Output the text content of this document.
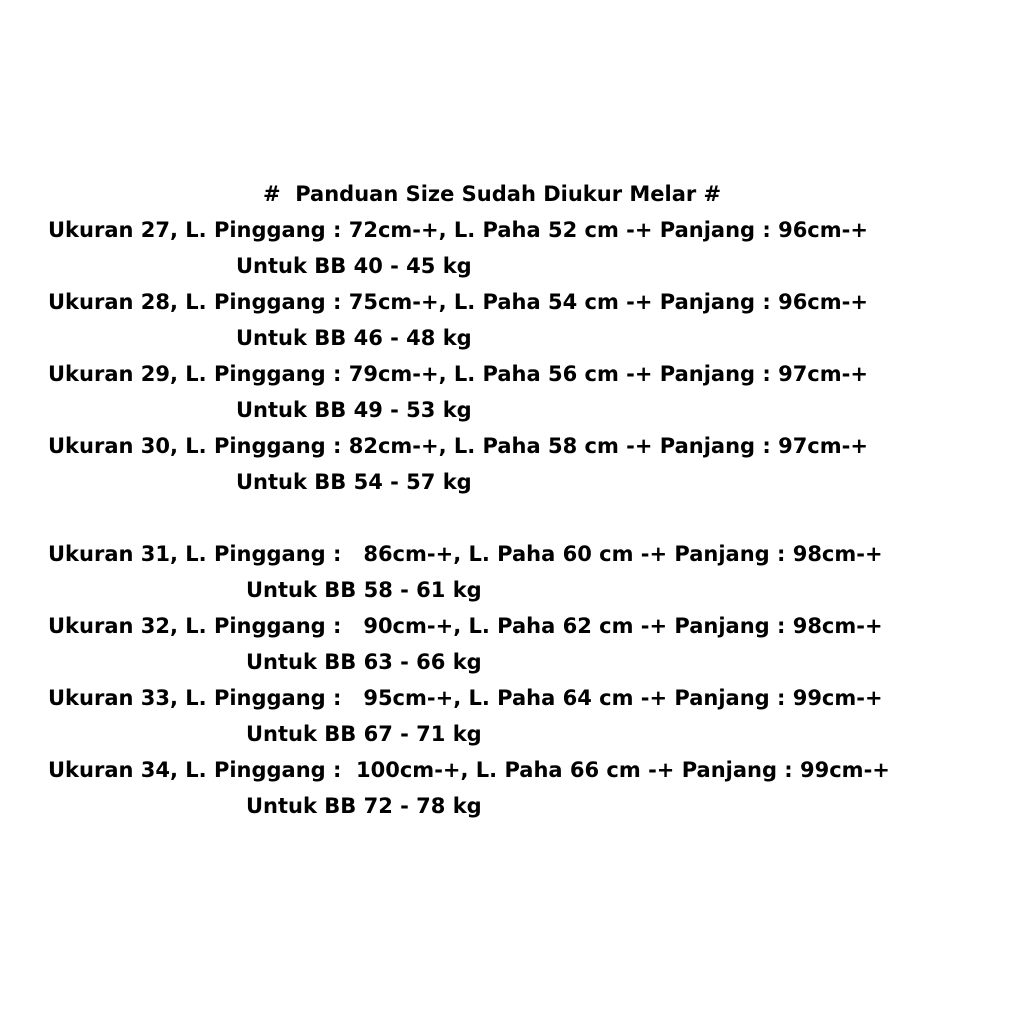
#  Panduan Size Sudah Diukur Melar #

Ukuran 27, L. Pinggang : 72cm-+, L. Paha 52 cm -+ Panjang : 96cm-+

Untuk BB 40 - 45 kg

Ukuran 28, L. Pinggang : 75cm-+, L. Paha 54 cm -+ Panjang : 96cm-+

Untuk BB 46 - 48 kg

Ukuran 29, L. Pinggang : 79cm-+, L. Paha 56 cm -+ Panjang : 97cm-+

Untuk BB 49 - 53 kg

Ukuran 30, L. Pinggang : 82cm-+, L. Paha 58 cm -+ Panjang : 97cm-+

Untuk BB 54 - 57 kg

Ukuran 31, L. Pinggang :   86cm-+, L. Paha 60 cm -+ Panjang : 98cm-+

Untuk BB 58 - 61 kg

Ukuran 32, L. Pinggang :   90cm-+, L. Paha 62 cm -+ Panjang : 98cm-+

Untuk BB 63 - 66 kg

Ukuran 33, L. Pinggang :   95cm-+, L. Paha 64 cm -+ Panjang : 99cm-+

Untuk BB 67 - 71 kg

Ukuran 34, L. Pinggang :  100cm-+, L. Paha 66 cm -+ Panjang : 99cm-+

Untuk BB 72 - 78 kg
